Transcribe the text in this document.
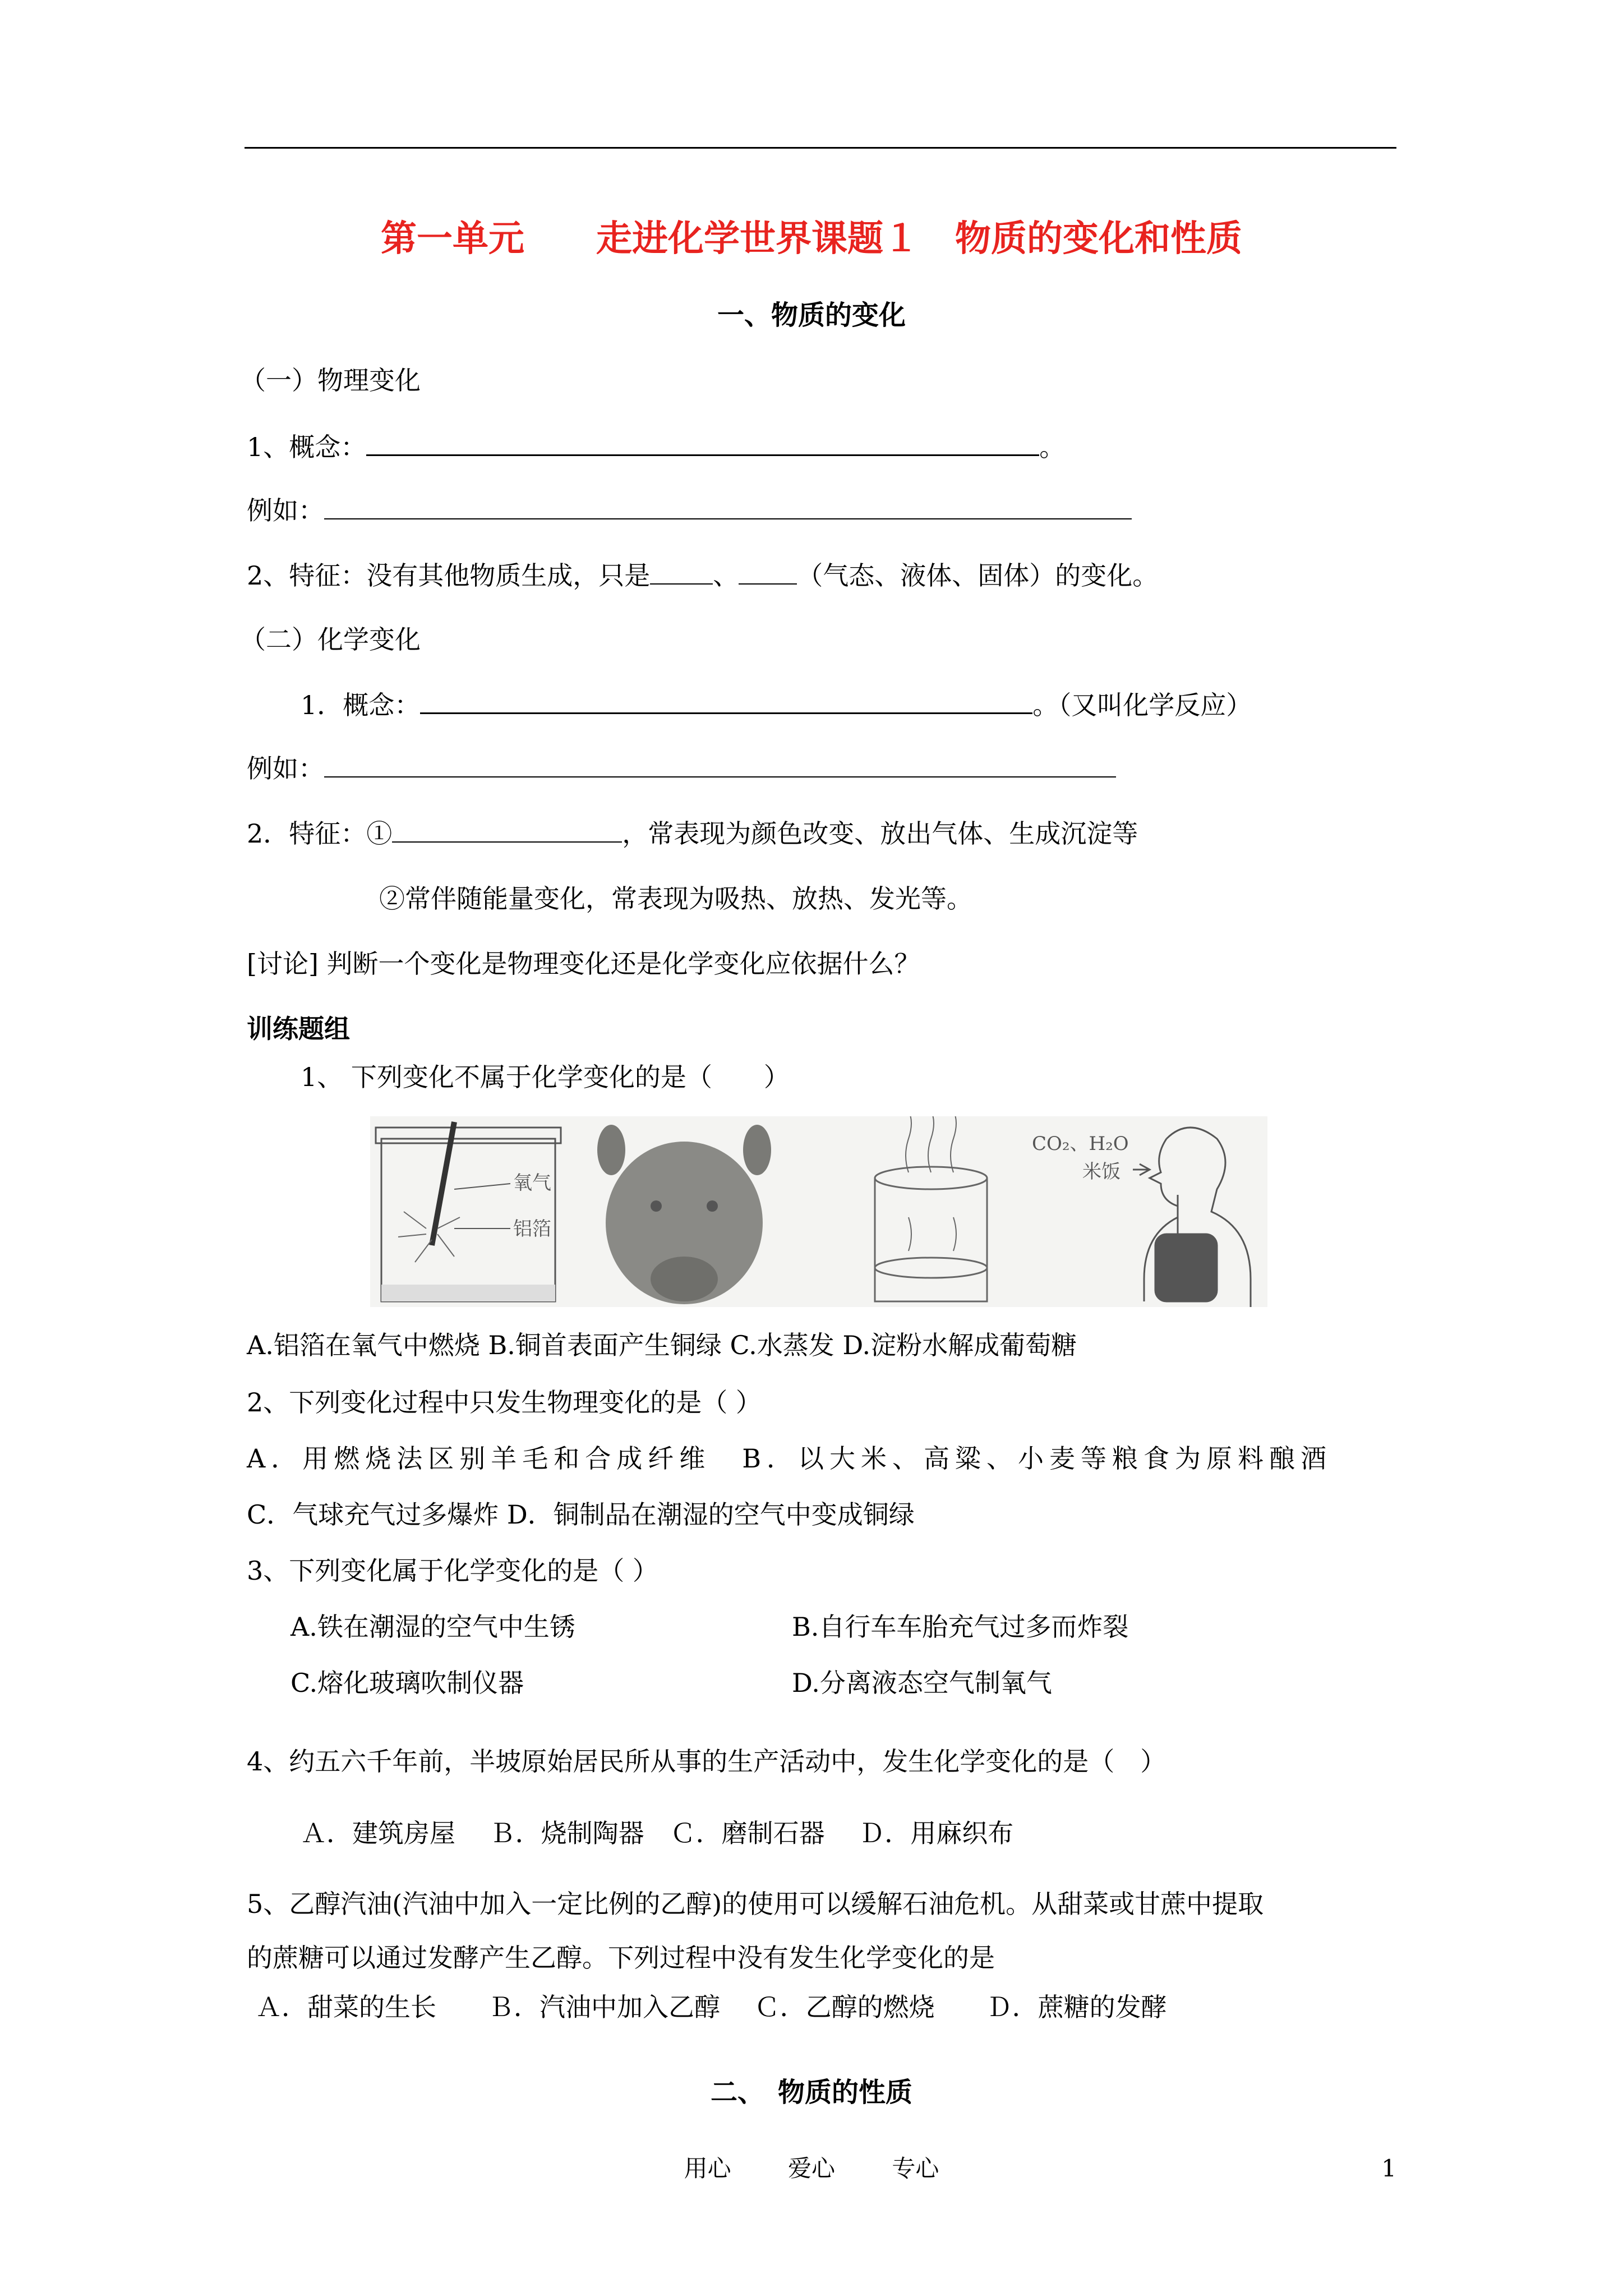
第一单元　　走进化学世界课题１　物质的变化和性质
一、物质的变化
（一）物理变化
1、概念：	。
例如：
2、特征：没有其他物质生成，只是 、 （气态、液体、固体）的变化。
（二）化学变化
1．概念：	。（又叫化学反应）
例如：
2．特征：①	，常表现为颜色改变、放出气体、生成沉淀等
②常伴随能量变化，常表现为吸热、放热、发光等。
[讨论] 判断一个变化是物理变化还是化学变化应依据什么？
训练题组
1、 下列变化不属于化学变化的是（　　）
氧气
铝箔
CO₂、H₂O
米饭
A.铝箔在氧气中燃烧 B.铜首表面产生铜绿 C.水蒸发 D.淀粉水解成葡萄糖
2、下列变化过程中只发生物理变化的是（ ）
A．用燃烧法区别羊毛和合成纤维　B．以大米、高粱、小麦等粮食为原料酿酒
C．气球充气过多爆炸 D．铜制品在潮湿的空气中变成铜绿
3、下列变化属于化学变化的是（ ）
A.铁在潮湿的空气中生锈	B.自行车车胎充气过多而炸裂
C.熔化玻璃吹制仪器	D.分离液态空气制氧气
4、约五六千年前，半坡原始居民所从事的生产活动中，发生化学变化的是（　）
Ａ．建筑房屋　 Ｂ．烧制陶器　Ｃ．磨制石器　 Ｄ．用麻织布
5、乙醇汽油(汽油中加入一定比例的乙醇)的使用可以缓解石油危机。从甜菜或甘蔗中提取
的蔗糖可以通过发酵产生乙醇。下列过程中没有发生化学变化的是
Ａ．甜菜的生长　　Ｂ．汽油中加入乙醇　 Ｃ．乙醇的燃烧　　Ｄ．蔗糖的发酵
二、　物质的性质
用心 爱心 专心	1
